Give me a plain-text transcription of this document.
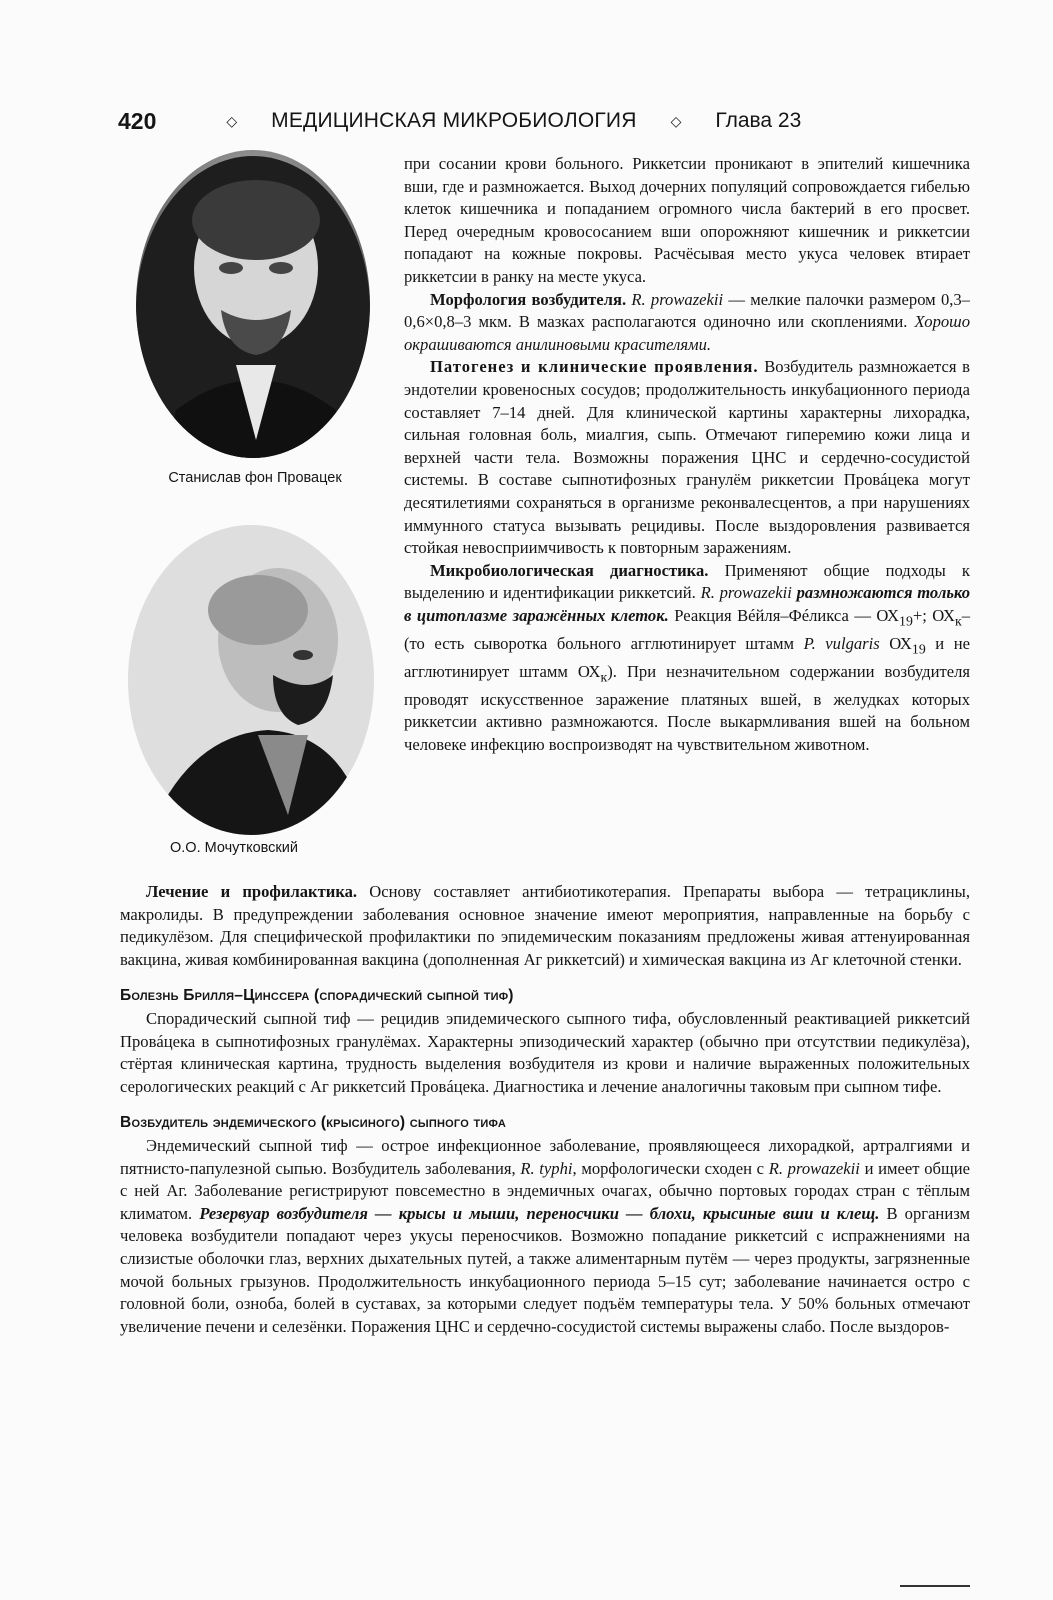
420	◇ МЕДИЦИНСКАЯ МИКРОБИОЛОГИЯ ◇ Глава 23
Станислав фон Провацек
О.О. Мочутковский

при сосании крови больного. Риккетсии проникают в эпителий кишечника вши, где и размножается. Выход дочерних популяций сопровождается гибелью клеток кишечника и попаданием огромного числа бактерий в его просвет. Перед очередным кровососанием вши опорожняют кишечник и риккетсии попадают на кожные покровы. Расчёсывая место укуса человек втирает риккетсии в ранку на месте укуса.

Морфология возбудителя. R. prowazekii — мелкие палочки размером 0,3–0,6×0,8–3 мкм. В мазках располагаются одиночно или скоплениями. Хорошо окрашиваются анилиновыми красителями.

Патогенез и клинические проявления. Возбудитель размножается в эндотелии кровеносных сосудов; продолжительность инкубационного периода составляет 7–14 дней. Для клинической картины характерны лихорадка, сильная головная боль, миалгия, сыпь. Отмечают гиперемию кожи лица и верхней части тела. Возможны поражения ЦНС и сердечно-сосудистой системы. В составе сыпнотифозных гранулём риккетсии Провáцека могут десятилетиями сохраняться в организме реконвалесцентов, а при нарушениях иммунного статуса вызывать рецидивы. После выздоровления развивается стойкая невосприимчивость к повторным заражениям.

Микробиологическая диагностика. Применяют общие подходы к выделению и идентификации риккетсий. R. prowazekii размножаются только в цитоплазме заражённых клеток. Реакция Вéйля–Фéликса — $ОХ_{19}+$; $ОХ_к-$ (то есть сыворотка больного агглютинирует штамм P. vulgaris $ОХ_{19}$ и не агглютинирует штамм $ОХ_к$). При незначительном содержании возбудителя проводят искусственное заражение платяных вшей, в желудках которых риккетсии активно размножаются. После выкармливания вшей на больном человеке инфекцию воспроизводят на чувствительном животном.

Лечение и профилактика. Основу составляет антибиотикотерапия. Препараты выбора — тетрациклины, макролиды. В предупреждении заболевания основное значение имеют мероприятия, направленные на борьбу с педикулёзом. Для специфической профилактики по эпидемическим показаниям предложены живая аттенуированная вакцина, живая комбинированная вакцина (дополненная Аг риккетсий) и химическая вакцина из Аг клеточной стенки.

Болезнь Брилля–Цинссера (спорадический сыпной тиф)

Спорадический сыпной тиф — рецидив эпидемического сыпного тифа, обусловленный реактивацией риккетсий Провáцека в сыпнотифозных гранулёмах. Характерны эпизодический характер (обычно при отсутствии педикулёза), стёртая клиническая картина, трудность выделения возбудителя из крови и наличие выраженных положительных серологических реакций с Аг риккетсий Провáцека. Диагностика и лечение аналогичны таковым при сыпном тифе.

Возбудитель эндемического (крысиного) сыпного тифа

Эндемический сыпной тиф — острое инфекционное заболевание, проявляющееся лихорадкой, артралгиями и пятнисто-папулезной сыпью. Возбудитель заболевания, R. typhi, морфологически сходен с R. prowazekii и имеет общие с ней Аг. Заболевание регистрируют повсеместно в эндемичных очагах, обычно портовых городах стран с тёплым климатом. Резервуар возбудителя — крысы и мыши, переносчики — блохи, крысиные вши и клещ. В организм человека возбудители попадают через укусы переносчиков. Возможно попадание риккетсий с испражнениями на слизистые оболочки глаз, верхних дыхательных путей, а также алиментарным путём — через продукты, загрязненные мочой больных грызунов. Продолжительность инкубационного периода 5–15 сут; заболевание начинается остро с головной боли, озноба, болей в суставах, за которыми следует подъём температуры тела. У 50% больных отмечают увеличение печени и селезёнки. Поражения ЦНС и сердечно-сосудистой системы выражены слабо. После выздоров-
